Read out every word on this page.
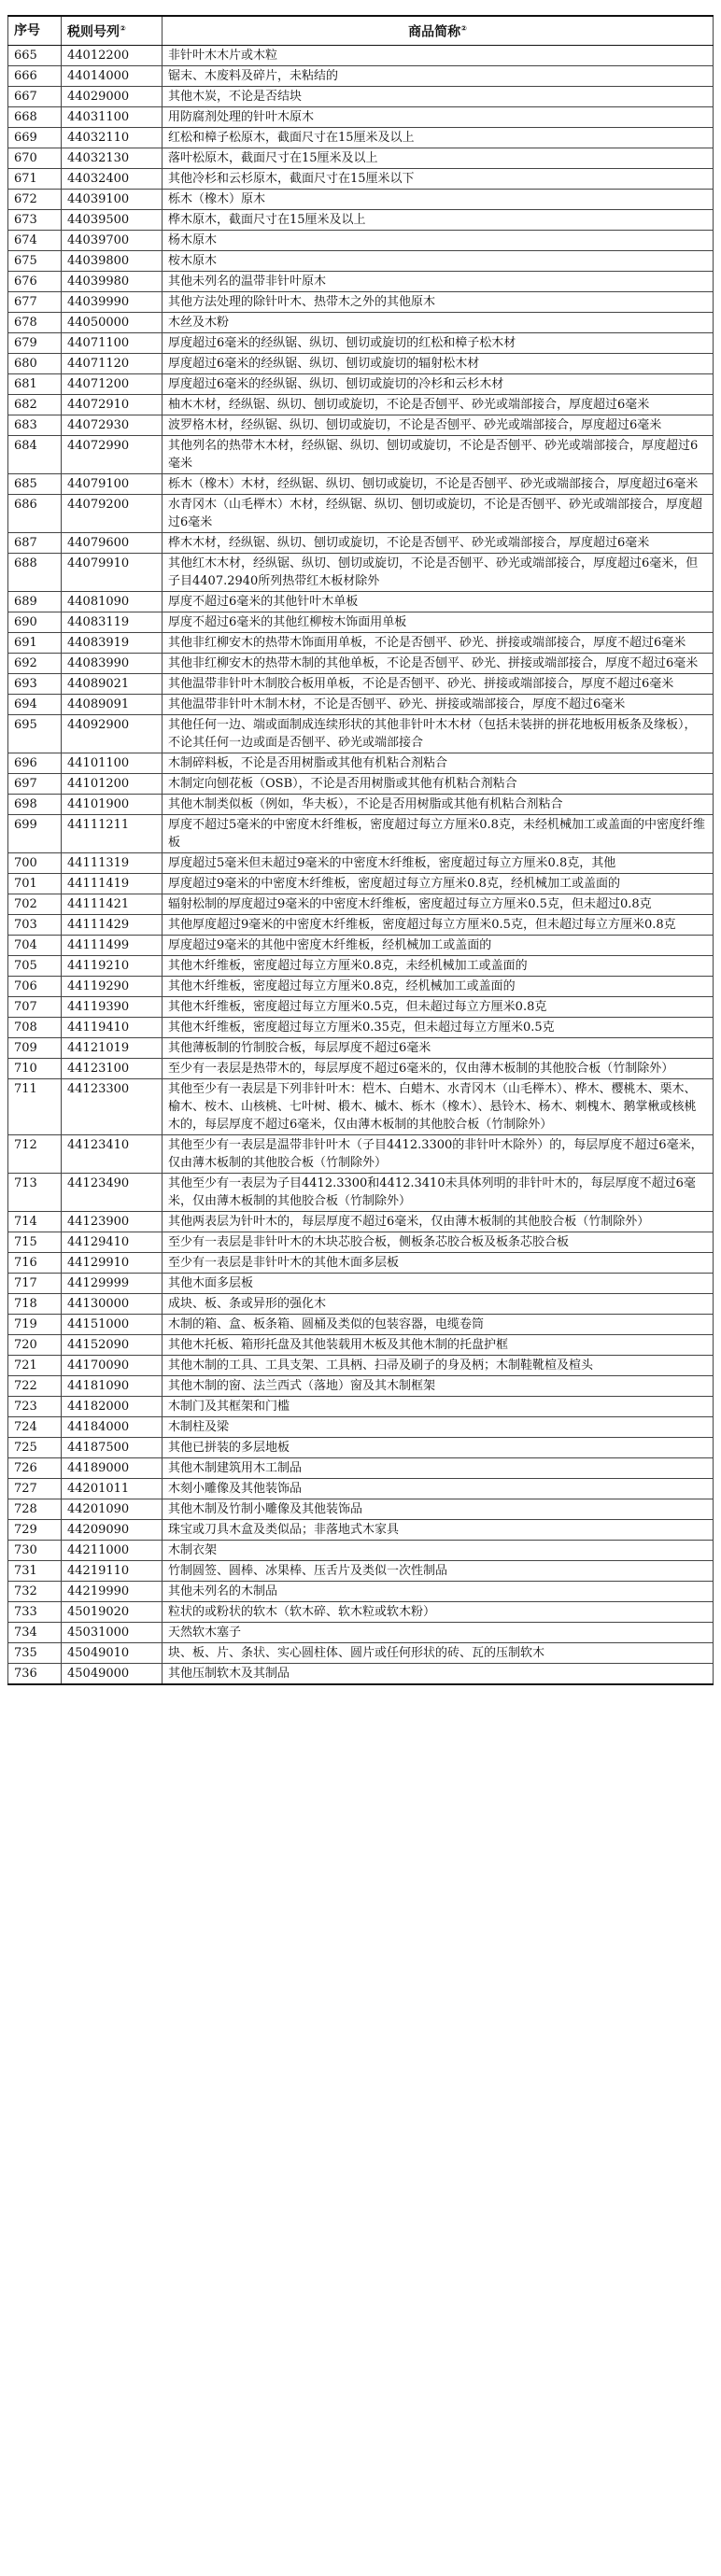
序号	税则号列②	商品简称②
665	44012200	非针叶木木片或木粒
666	44014000	锯末、木废料及碎片，未粘结的
667	44029000	其他木炭，不论是否结块
668	44031100	用防腐剂处理的针叶木原木
669	44032110	红松和樟子松原木，截面尺寸在15厘米及以上
670	44032130	落叶松原木，截面尺寸在15厘米及以上
671	44032400	其他冷杉和云杉原木，截面尺寸在15厘米以下
672	44039100	栎木（橡木）原木
673	44039500	桦木原木，截面尺寸在15厘米及以上
674	44039700	杨木原木
675	44039800	桉木原木
676	44039980	其他未列名的温带非针叶原木
677	44039990	其他方法处理的除针叶木、热带木之外的其他原木
678	44050000	木丝及木粉
679	44071100	厚度超过6毫米的经纵锯、纵切、刨切或旋切的红松和樟子松木材
680	44071120	厚度超过6毫米的经纵锯、纵切、刨切或旋切的辐射松木材
681	44071200	厚度超过6毫米的经纵锯、纵切、刨切或旋切的冷杉和云杉木材
682	44072910	柚木木材，经纵锯、纵切、刨切或旋切，不论是否刨平、砂光或端部接合，厚度超过6毫米
683	44072930	波罗格木材，经纵锯、纵切、刨切或旋切，不论是否刨平、砂光或端部接合，厚度超过6毫米
684	44072990	其他列名的热带木木材，经纵锯、纵切、刨切或旋切，不论是否刨平、砂光或端部接合，厚度超过6毫米
685	44079100	栎木（橡木）木材，经纵锯、纵切、刨切或旋切，不论是否刨平、砂光或端部接合，厚度超过6毫米
686	44079200	水青冈木（山毛榉木）木材，经纵锯、纵切、刨切或旋切，不论是否刨平、砂光或端部接合，厚度超过6毫米
687	44079600	桦木木材，经纵锯、纵切、刨切或旋切，不论是否刨平、砂光或端部接合，厚度超过6毫米
688	44079910	其他红木木材，经纵锯、纵切、刨切或旋切，不论是否刨平、砂光或端部接合，厚度超过6毫米，但子目4407.2940所列热带红木板材除外
689	44081090	厚度不超过6毫米的其他针叶木单板
690	44083119	厚度不超过6毫米的其他红柳桉木饰面用单板
691	44083919	其他非红柳安木的热带木饰面用单板，不论是否刨平、砂光、拼接或端部接合，厚度不超过6毫米
692	44083990	其他非红柳安木的热带木制的其他单板，不论是否刨平、砂光、拼接或端部接合，厚度不超过6毫米
693	44089021	其他温带非针叶木制胶合板用单板，不论是否刨平、砂光、拼接或端部接合，厚度不超过6毫米
694	44089091	其他温带非针叶木制木材，不论是否刨平、砂光、拼接或端部接合，厚度不超过6毫米
695	44092900	其他任何一边、端或面制成连续形状的其他非针叶木木材（包括未装拼的拼花地板用板条及缘板），不论其任何一边或面是否刨平、砂光或端部接合
696	44101100	木制碎料板，不论是否用树脂或其他有机粘合剂粘合
697	44101200	木制定向刨花板（OSB），不论是否用树脂或其他有机粘合剂粘合
698	44101900	其他木制类似板（例如，华夫板），不论是否用树脂或其他有机粘合剂粘合
699	44111211	厚度不超过5毫米的中密度木纤维板，密度超过每立方厘米0.8克，未经机械加工或盖面的中密度纤维板
700	44111319	厚度超过5毫米但未超过9毫米的中密度木纤维板，密度超过每立方厘米0.8克，其他
701	44111419	厚度超过9毫米的中密度木纤维板，密度超过每立方厘米0.8克，经机械加工或盖面的
702	44111421	辐射松制的厚度超过9毫米的中密度木纤维板，密度超过每立方厘米0.5克，但未超过0.8克
703	44111429	其他厚度超过9毫米的中密度木纤维板，密度超过每立方厘米0.5克，但未超过每立方厘米0.8克
704	44111499	厚度超过9毫米的其他中密度木纤维板，经机械加工或盖面的
705	44119210	其他木纤维板，密度超过每立方厘米0.8克，未经机械加工或盖面的
706	44119290	其他木纤维板，密度超过每立方厘米0.8克，经机械加工或盖面的
707	44119390	其他木纤维板，密度超过每立方厘米0.5克，但未超过每立方厘米0.8克
708	44119410	其他木纤维板，密度超过每立方厘米0.35克，但未超过每立方厘米0.5克
709	44121019	其他薄板制的竹制胶合板，每层厚度不超过6毫米
710	44123100	至少有一表层是热带木的，每层厚度不超过6毫米的，仅由薄木板制的其他胶合板（竹制除外）
711	44123300	其他至少有一表层是下列非针叶木：桤木、白蜡木、水青冈木（山毛榉木）、桦木、樱桃木、栗木、榆木、桉木、山核桃、七叶树、椴木、槭木、栎木（橡木）、悬铃木、杨木、刺槐木、鹅掌楸或核桃木的，每层厚度不超过6毫米，仅由薄木板制的其他胶合板（竹制除外）
712	44123410	其他至少有一表层是温带非针叶木（子目4412.3300的非针叶木除外）的，每层厚度不超过6毫米，仅由薄木板制的其他胶合板（竹制除外）
713	44123490	其他至少有一表层为子目4412.3300和4412.3410未具体列明的非针叶木的，每层厚度不超过6毫米，仅由薄木板制的其他胶合板（竹制除外）
714	44123900	其他两表层为针叶木的，每层厚度不超过6毫米，仅由薄木板制的其他胶合板（竹制除外）
715	44129410	至少有一表层是非针叶木的木块芯胶合板，侧板条芯胶合板及板条芯胶合板
716	44129910	至少有一表层是非针叶木的其他木面多层板
717	44129999	其他木面多层板
718	44130000	成块、板、条或异形的强化木
719	44151000	木制的箱、盒、板条箱、圆桶及类似的包装容器，电缆卷筒
720	44152090	其他木托板、箱形托盘及其他装载用木板及其他木制的托盘护框
721	44170090	其他木制的工具、工具支架、工具柄、扫帚及刷子的身及柄；木制鞋靴楦及楦头
722	44181090	其他木制的窗、法兰西式（落地）窗及其木制框架
723	44182000	木制门及其框架和门槛
724	44184000	木制柱及梁
725	44187500	其他已拼装的多层地板
726	44189000	其他木制建筑用木工制品
727	44201011	木刻小雕像及其他装饰品
728	44201090	其他木制及竹制小雕像及其他装饰品
729	44209090	珠宝或刀具木盒及类似品；非落地式木家具
730	44211000	木制衣架
731	44219110	竹制圆签、圆棒、冰果棒、压舌片及类似一次性制品
732	44219990	其他未列名的木制品
733	45019020	粒状的或粉状的软木（软木碎、软木粒或软木粉）
734	45031000	天然软木塞子
735	45049010	块、板、片、条状、实心圆柱体、圆片或任何形状的砖、瓦的压制软木
736	45049000	其他压制软木及其制品
